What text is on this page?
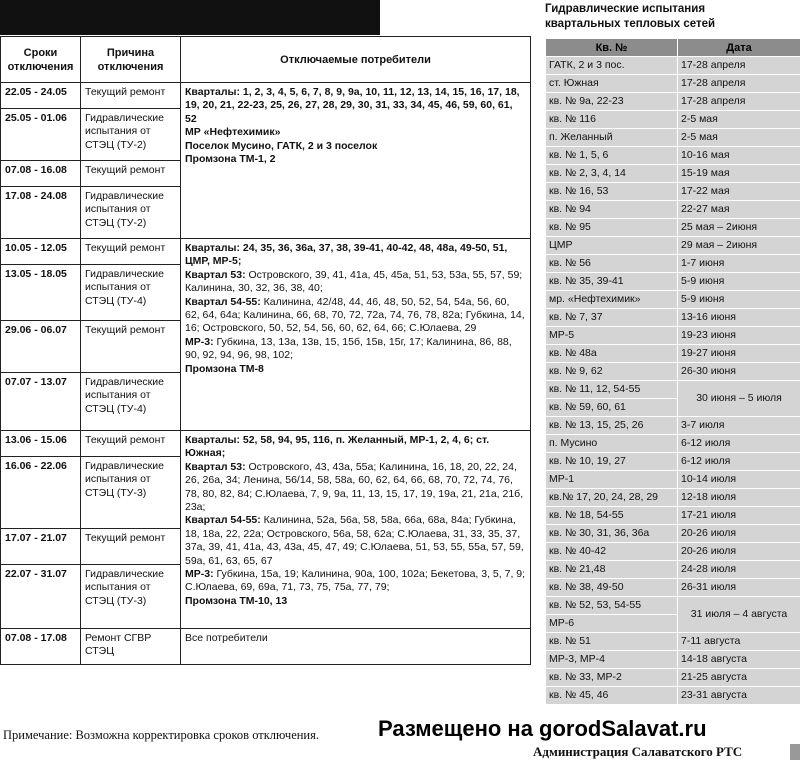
Сроки отключения	Причина отключения	Отключаемые потребители
22.05 - 24.05	Текущий ремонт	Кварталы: 1, 2, 3, 4, 5, 6, 7, 8, 9, 9а, 10, 11, 12, 13, 14, 15, 16, 17, 18, 19, 20, 21, 22-23, 25, 26, 27, 28, 29, 30, 31, 33, 34, 45, 46, 59, 60, 61, 52
МР «Нефтехимик»
Поселок Мусино, ГАТК, 2 и 3 поселок
Промзона ТМ-1, 2

25.05 - 01.06	Гидравлические испытания от СТЭЦ (ТУ-2)	
07.08 - 16.08	Текущий ремонт	
17.08 - 24.08	Гидравлические испытания от СТЭЦ (ТУ-2)	
10.05 - 12.05	Текущий ремонт	Кварталы: 24, 35, 36, 36а, 37, 38, 39-41, 40-42, 48, 48а, 49-50, 51, ЦМР, МР-5;
Квартал 53: Островского, 39, 41, 41а, 45, 45а, 51, 53, 53а, 55, 57, 59; Калинина, 30, 32, 36, 38, 40;
Квартал 54-55: Калинина, 42/48, 44, 46, 48, 50, 52, 54, 54а, 56, 60, 62, 64, 64а; Калинина, 66, 68, 70, 72, 72а, 74, 76, 78, 82а; Губкина, 14, 16; Островского, 50, 52, 54, 56, 60, 62, 64, 66; С.Юлаева, 29
МР-3: Губкина, 13, 13а, 13в, 15, 15б, 15в, 15г, 17; Калинина, 86, 88, 90, 92, 94, 96, 98, 102;
Промзона ТМ-8

13.05 - 18.05	Гидравлические испытания от СТЭЦ (ТУ-4)	
29.06 - 06.07	Текущий ремонт	
07.07 - 13.07	Гидравлические испытания от СТЭЦ (ТУ-4)	
13.06 - 15.06	Текущий ремонт	Кварталы: 52, 58, 94, 95, 116, п. Желанный, МР-1, 2, 4, 6; ст. Южная;
Квартал 53: Островского, 43, 43а, 55а; Калинина, 16, 18, 20, 22, 24, 26, 26а, 34; Ленина, 56/14, 58, 58а, 60, 62, 64, 66, 68, 70, 72, 74, 76, 78, 80, 82, 84; С.Юлаева, 7, 9, 9а, 11, 13, 15, 17, 19, 19а, 21, 21а, 21б, 23а;
Квартал 54-55: Калинина, 52а, 56а, 58, 58а, 66а, 68а, 84а; Губкина, 18, 18а, 22, 22а; Островского, 56а, 58, 62а; С.Юлаева, 31, 33, 35, 37, 37а, 39, 41, 41а, 43, 43а, 45, 47, 49; С.Юлаева, 51, 53, 55, 55а, 57, 59, 59а, 61, 63, 65, 67
МР-3: Губкина, 15а, 19; Калинина, 90а, 100, 102а; Бекетова, 3, 5, 7, 9; С.Юлаева, 69, 69а, 71, 73, 75, 75а, 77, 79;
Промзона ТМ-10, 13

16.06 - 22.06	Гидравлические испытания от СТЭЦ (ТУ-3)	
17.07 - 21.07	Текущий ремонт	
22.07 - 31.07	Гидравлические испытания от СТЭЦ (ТУ-3)	
07.08 - 17.08	Ремонт СГВР СТЭЦ	Все потребители
Гидравлические испытания
квартальных тепловых сетей
Кв. №	Дата
ГАТК, 2 и 3 пос.	17-28 апреля
ст. Южная	17-28 апреля
кв. № 9а, 22-23	17-28 апреля
кв. № 116	2-5 мая
п. Желанный	2-5 мая
кв. № 1, 5, 6	10-16 мая
кв. № 2, 3, 4, 14	15-19 мая
кв. № 16, 53	17-22 мая
кв. № 94	22-27 мая
кв. № 95	25 мая – 2июня
ЦМР	29 мая – 2июня
кв. № 56	1-7 июня
кв. № 35, 39-41	5-9 июня
мр. «Нефтехимик»	5-9 июня
кв. № 7, 37	13-16 июня
МР-5	19-23 июня
кв. № 48а	19-27 июня
кв. № 9, 62	26-30 июня
кв. № 11, 12, 54-55	30 июня – 5 июля
кв. № 59, 60, 61	
кв. № 13, 15, 25, 26	3-7 июля
п. Мусино	6-12 июля
кв. № 10, 19, 27	6-12 июля
МР-1	10-14 июля
кв.№ 17, 20, 24, 28, 29	12-18 июля
кв. № 18, 54-55	17-21 июля
кв. № 30, 31, 36, 36а	20-26 июля
кв. № 40-42	20-26 июля
кв. № 21,48	24-28 июля
кв. № 38, 49-50	26-31 июля
кв. № 52, 53, 54-55	31 июля – 4 августа
МР-6	
кв. № 51	7-11 августа
МР-3, МР-4	14-18 августа
кв. № 33, МР-2	21-25 августа
кв. № 45, 46	23-31 августа
Примечание: Возможна корректировка сроков отключения.	Размещено на gorodSalavat.ru
Администрация Салаватского РТС
